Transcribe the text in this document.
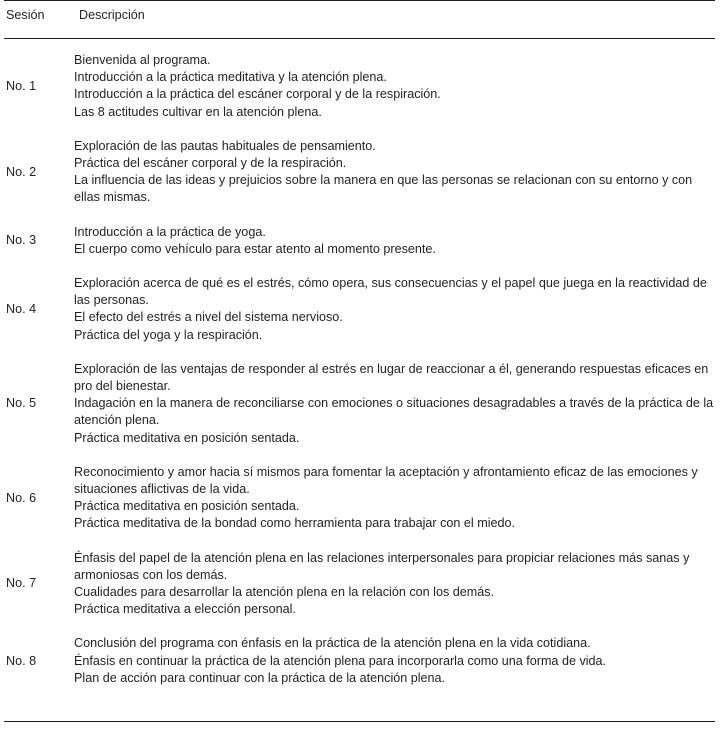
Sesión	Descripción
No. 1
Bienvenida al programa.
Introducción a la práctica meditativa y la atención plena.
Introducción a la práctica del escáner corporal y de la respiración.
Las 8 actitudes cultivar en la atención plena.
No. 2
Exploración de las pautas habituales de pensamiento.
Práctica del escáner corporal y de la respiración.
La influencia de las ideas y prejuicios sobre la manera en que las personas se relacionan con su entorno y con ellas mismas.
No. 3
Introducción a la práctica de yoga.
El cuerpo como vehículo para estar atento al momento presente.
No. 4
Exploración acerca de qué es el estrés, cómo opera, sus consecuencias y el papel que juega en la reactividad de las personas.
El efecto del estrés a nivel del sistema nervioso.
Práctica del yoga y la respiración.
No. 5
Exploración de las ventajas de responder al estrés en lugar de reaccionar a él, generando respuestas eficaces en pro del bienestar.
Indagación en la manera de reconciliarse con emociones o situaciones desagradables a través de la práctica de la atención plena.
Práctica meditativa en posición sentada.
No. 6
Reconocimiento y amor hacia sí mismos para fomentar la aceptación y afrontamiento eficaz de las emociones y situaciones aflictivas de la vida.
Práctica meditativa en posición sentada.
Práctica meditativa de la bondad como herramienta para trabajar con el miedo.
No. 7
Énfasis del papel de la atención plena en las relaciones interpersonales para propiciar relaciones más sanas y armoniosas con los demás.
Cualidades para desarrollar la atención plena en la relación con los demás.
Práctica meditativa a elección personal.
No. 8
Conclusión del programa con énfasis en la práctica de la atención plena en la vida cotidiana.
Énfasis en continuar la práctica de la atención plena para incorporarla como una forma de vida.
Plan de acción para continuar con la práctica de la atención plena.
